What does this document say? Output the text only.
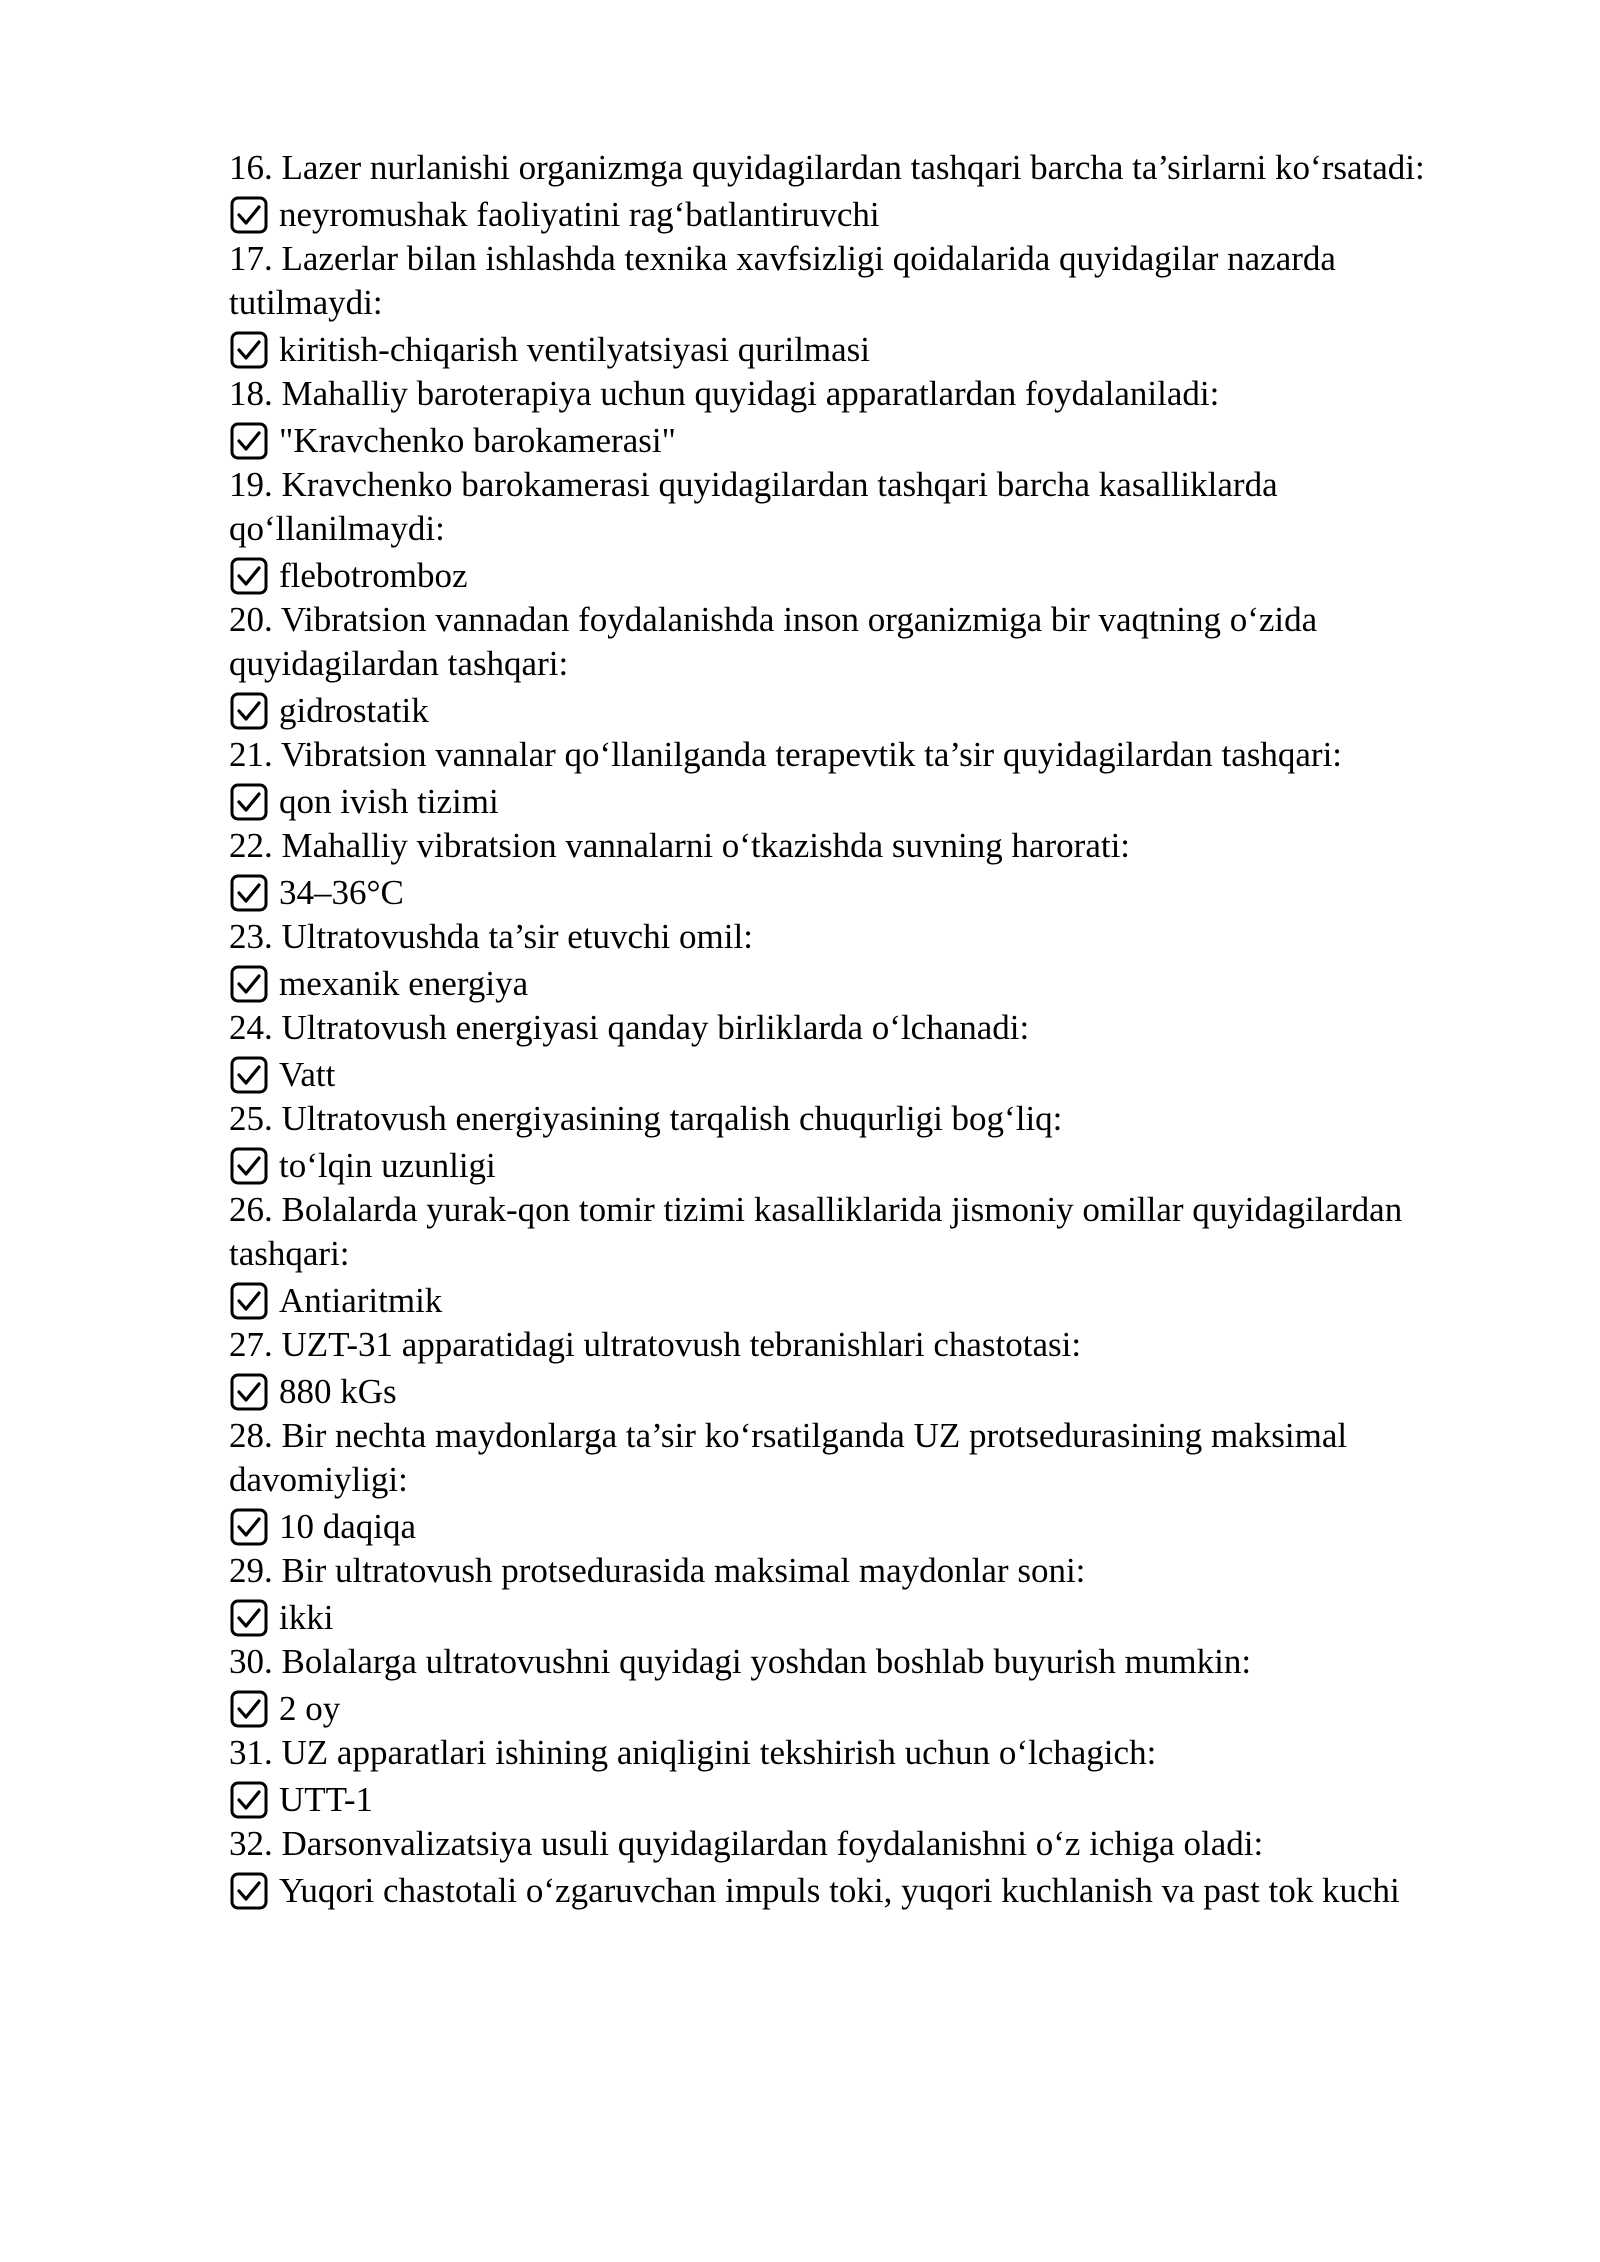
16. Lazer nurlanishi organizmga quyidagilardan tashqari barcha ta’sirlarni ko‘rsatadi:

neyromushak faoliyatini rag‘batlantiruvchi

17. Lazerlar bilan ishlashda texnika xavfsizligi qoidalarida quyidagilar nazarda tutilmaydi:

kiritish-chiqarish ventilyatsiyasi qurilmasi

18. Mahalliy baroterapiya uchun quyidagi apparatlardan foydalaniladi:

"Kravchenko barokamerasi"

19. Kravchenko barokamerasi quyidagilardan tashqari barcha kasalliklarda qo‘llanilmaydi:

flebotromboz

20. Vibratsion vannadan foydalanishda inson organizmiga bir vaqtning o‘zida quyidagilardan tashqari:

gidrostatik

21. Vibratsion vannalar qo‘llanilganda terapevtik ta’sir quyidagilardan tashqari:

qon ivish tizimi

22. Mahalliy vibratsion vannalarni o‘tkazishda suvning harorati:

34–36°C

23. Ultratovushda ta’sir etuvchi omil:

mexanik energiya

24. Ultratovush energiyasi qanday birliklarda o‘lchanadi:

Vatt

25. Ultratovush energiyasining tarqalish chuqurligi bog‘liq:

to‘lqin uzunligi

26. Bolalarda yurak-qon tomir tizimi kasalliklarida jismoniy omillar quyidagilardan tashqari:

Antiaritmik

27. UZT-31 apparatidagi ultratovush tebranishlari chastotasi:

880 kGs

28. Bir nechta maydonlarga ta’sir ko‘rsatilganda UZ protsedurasining maksimal davomiyligi:

10 daqiqa

29. Bir ultratovush protsedurasida maksimal maydonlar soni:

ikki

30. Bolalarga ultratovushni quyidagi yoshdan boshlab buyurish mumkin:

2 oy

31. UZ apparatlari ishining aniqligini tekshirish uchun o‘lchagich:

UTT-1

32. Darsonvalizatsiya usuli quyidagilardan foydalanishni o‘z ichiga oladi:

Yuqori chastotali o‘zgaruvchan impuls toki, yuqori kuchlanish va past tok kuchi
